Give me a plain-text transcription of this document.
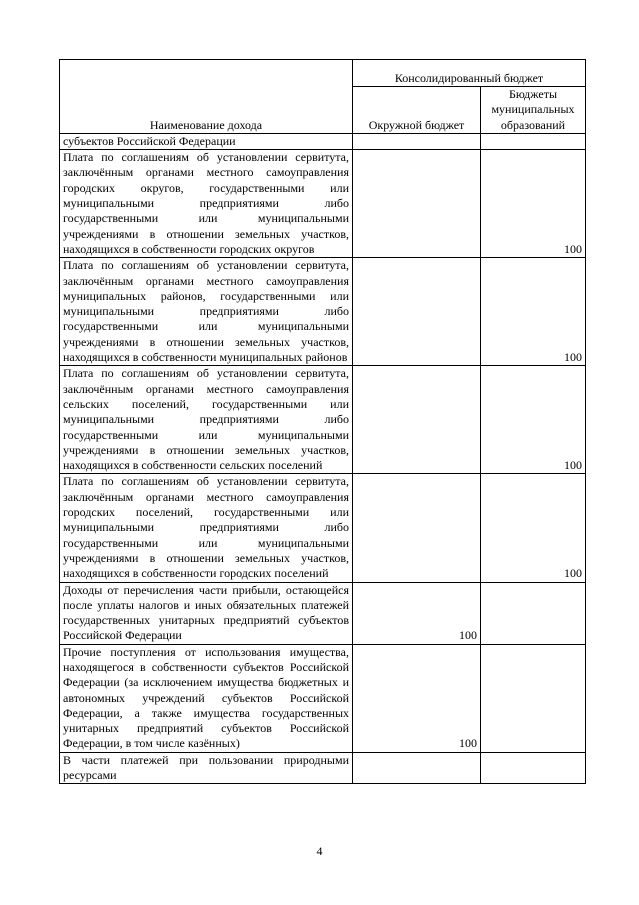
Наименование дохода	Консолидированный бюджет	
	Окружной бюджет	Бюджеты муниципальных образований
субъектов Российской Федерации		
Плата по соглашениям об установлении сервитута, заключённым органами местного самоуправления городских округов, государственными или муниципальными предприятиями либо государственными или муниципальными учреждениями в отношении земельных участков, находящихся в собственности городских округов		100
Плата по соглашениям об установлении сервитута, заключённым органами местного самоуправления муниципальных районов, государственными или муниципальными предприятиями либо государственными или муниципальными учреждениями в отношении земельных участков, находящихся в собственности муниципальных районов		100
Плата по соглашениям об установлении сервитута, заключённым органами местного самоуправления сельских поселений, государственными или муниципальными предприятиями либо государственными или муниципальными учреждениями в отношении земельных участков, находящихся в собственности сельских поселений		100
Плата по соглашениям об установлении сервитута, заключённым органами местного самоуправления городских поселений, государственными или муниципальными предприятиями либо государственными или муниципальными учреждениями в отношении земельных участков, находящихся в собственности городских поселений		100
Доходы от перечисления части прибыли, остающейся после уплаты налогов и иных обязательных платежей государственных унитарных предприятий субъектов Российской Федерации	100	
Прочие поступления от использования имущества, находящегося в собственности субъектов Российской Федерации (за исключением имущества бюджетных и автономных учреждений субъектов Российской Федерации, а также имущества государственных унитарных предприятий субъектов Российской Федерации, в том числе казённых)	100	
В части платежей при пользовании природными ресурсами		
4
